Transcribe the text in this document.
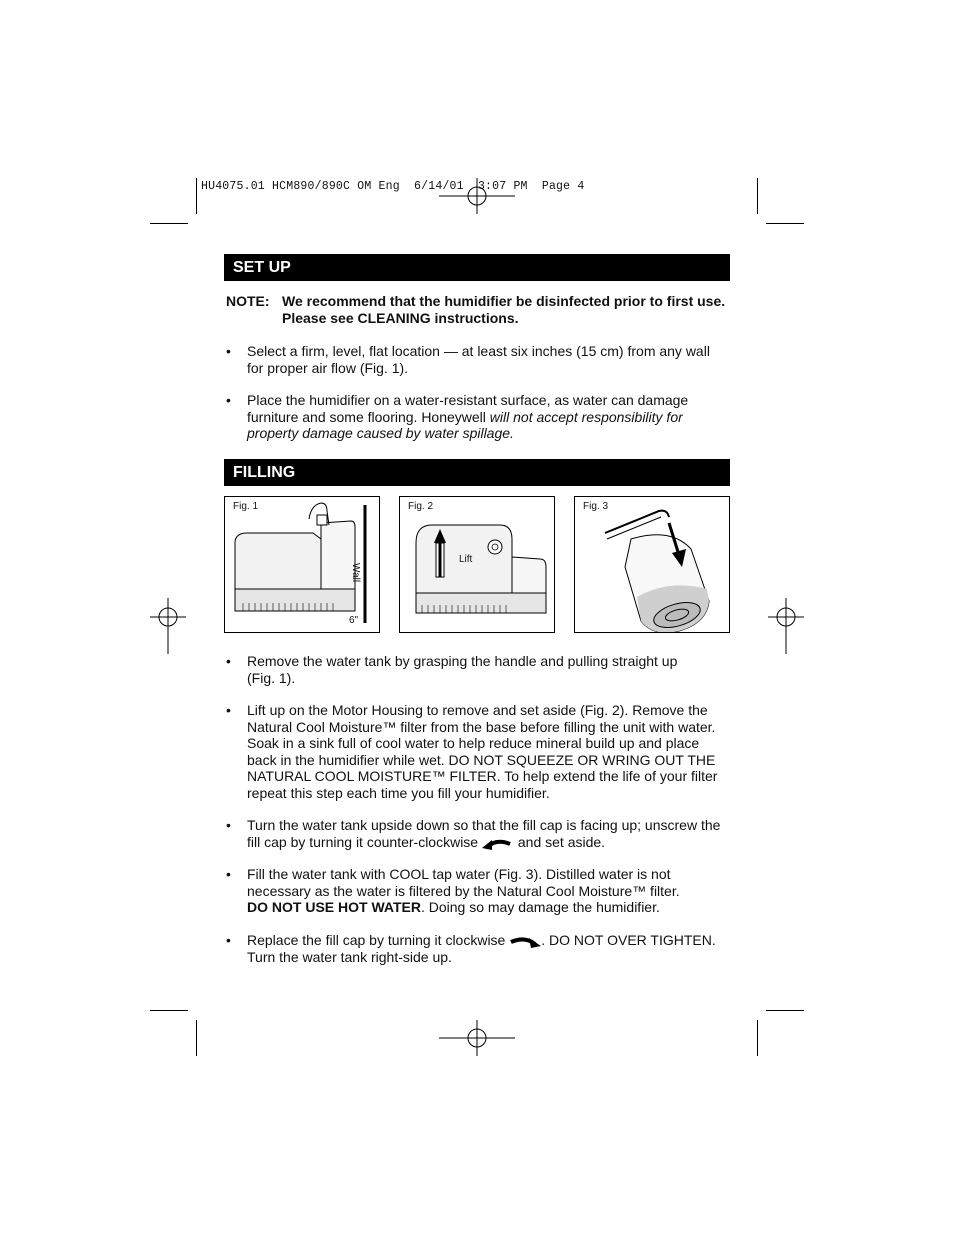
HU4075.01 HCM890/890C OM Eng  6/14/01  3:07 PM  Page 4
SET UP
NOTE: We recommend that the humidifier be disinfected prior to first use. Please see CLEANING instructions.
• Select a firm, level, flat location — at least six inches (15 cm) from any wall for proper air flow (Fig. 1).
• Place the humidifier on a water-resistant surface, as water can damage furniture and some flooring. Honeywell will not accept responsibility for property damage caused by water spillage.
FILLING
Fig. 1
Wall
6"
Fig. 2
Lift
Fig. 3
• Remove the water tank by grasping the handle and pulling straight up (Fig. 1).
• Lift up on the Motor Housing to remove and set aside (Fig. 2). Remove the Natural Cool Moisture™ filter from the base before filling the unit with water. Soak in a sink full of cool water to help reduce mineral build up and place back in the humidifier while wet. DO NOT SQUEEZE OR WRING OUT THE NATURAL COOL MOISTURE™ FILTER. To help extend the life of your filter repeat this step each time you fill your humidifier.
• Turn the water tank upside down so that the fill cap is facing up; unscrew the fill cap by turning it counter-clockwise	and set aside.
• Fill the water tank with COOL tap water (Fig. 3). Distilled water is not necessary as the water is filtered by the Natural Cool Moisture™ filter.
DO NOT USE HOT WATER. Doing so may damage the humidifier.
• Replace the fill cap by turning it clockwise	. DO NOT OVER TIGHTEN. Turn the water tank right-side up.
